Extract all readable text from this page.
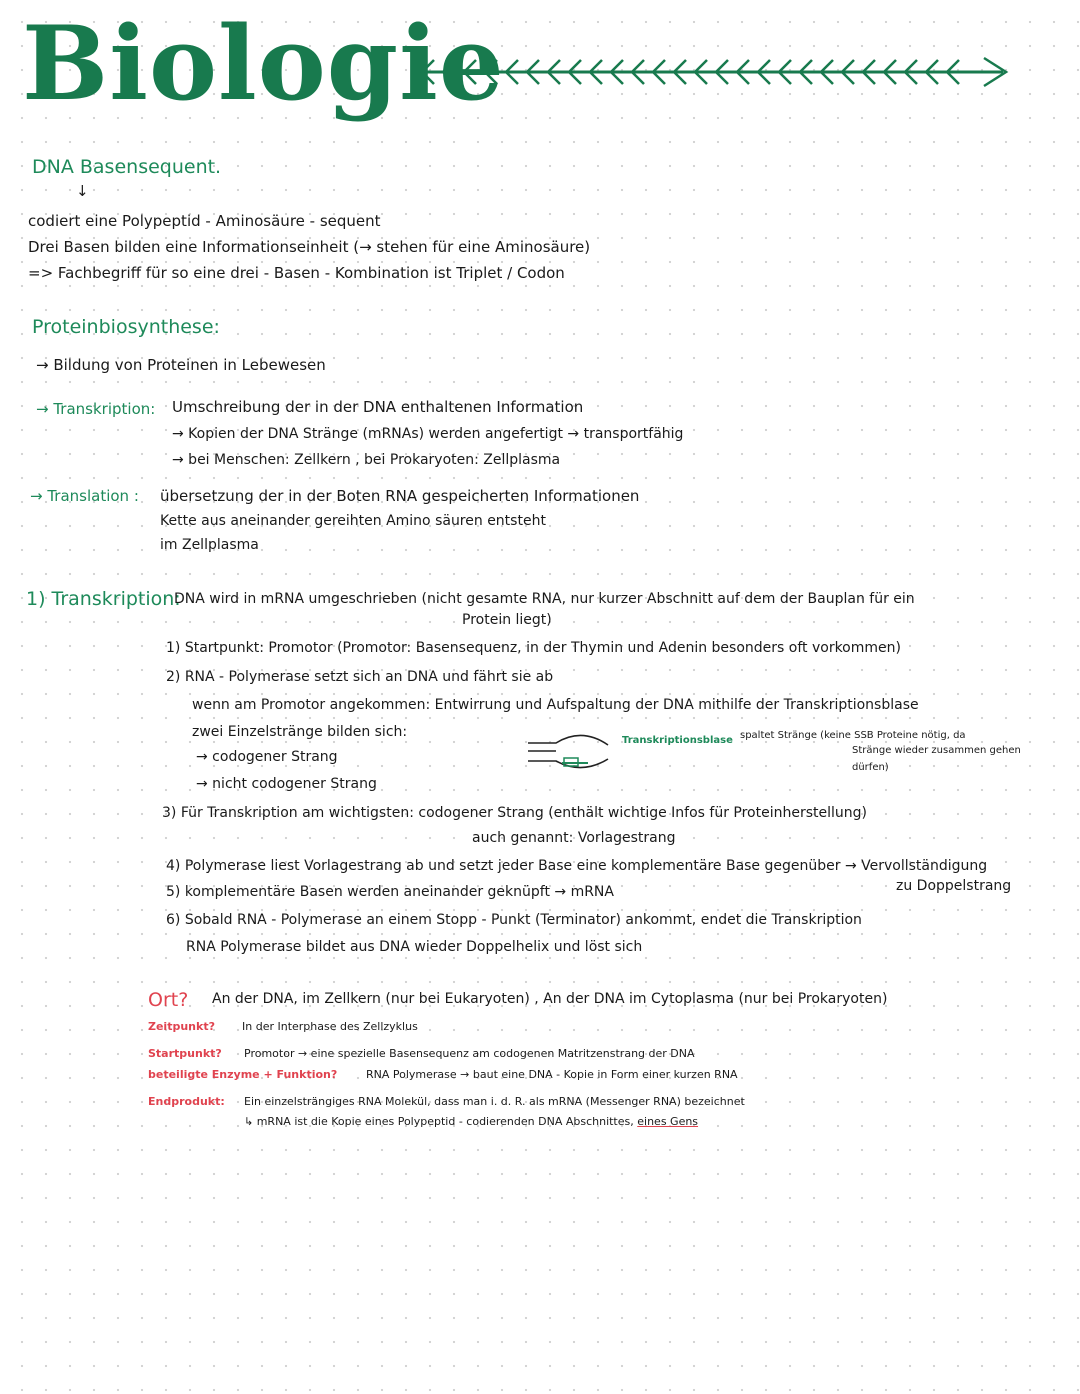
Biologie
DNA Basensequent.
↓
codiert eine Polypeptid - Aminosäure - sequent
Drei Basen bilden eine Informationseinheit (→ stehen für eine Aminosäure)
=> Fachbegriff für so eine drei - Basen - Kombination ist Triplet / Codon
Proteinbiosynthese:
→ Bildung von Proteinen in Lebewesen
→ Transkription: Umschreibung der in der DNA enthaltenen Information
→ Kopien der DNA Stränge (mRNAs) werden angefertigt → transportfähig
→ bei Menschen: Zellkern , bei Prokaryoten: Zellplasma
→ Translation : übersetzung der in der Boten RNA gespeicherten Informationen
Kette aus aneinander gereihten Amino säuren entsteht
im Zellplasma
1) Transkription:
DNA wird in mRNA umgeschrieben (nicht gesamte RNA, nur kurzer Abschnitt auf dem der Bauplan für ein
Protein liegt)
1) Startpunkt: Promotor (Promotor: Basensequenz, in der Thymin und Adenin besonders oft vorkommen)
2) RNA - Polymerase setzt sich an DNA und fährt sie ab
wenn am Promotor angekommen: Entwirrung und Aufspaltung der DNA mithilfe der Transkriptionsblase
zwei Einzelstränge bilden sich:
→ codogener Strang
→ nicht codogener Strang
Transkriptionsblase spaltet Stränge (keine SSB Proteine nötig, da
Stränge wieder zusammen gehen
dürfen)
3) Für Transkription am wichtigsten: codogener Strang (enthält wichtige Infos für Proteinherstellung)
auch genannt: Vorlagestrang
4) Polymerase liest Vorlagestrang ab und setzt jeder Base eine komplementäre Base gegenüber → Vervollständigung
zu Doppelstrang
5) komplementäre Basen werden aneinander geknüpft → mRNA
6) Sobald RNA - Polymerase an einem Stopp - Punkt (Terminator) ankommt, endet die Transkription
RNA Polymerase bildet aus DNA wieder Doppelhelix und löst sich
Ort? An der DNA, im Zellkern (nur bei Eukaryoten) , An der DNA im Cytoplasma (nur bei Prokaryoten)
Zeitpunkt? In der Interphase des Zellzyklus
Startpunkt? Promotor → eine spezielle Basensequenz am codogenen Matritzenstrang der DNA
beteiligte Enzyme + Funktion?	RNA Polymerase → baut eine DNA - Kopie in Form einer kurzen RNA
Endprodukt: Ein einzelsträngiges RNA Molekül, dass man i. d. R. als mRNA (Messenger RNA) bezeichnet
↳ mRNA ist die Kopie eines Polypeptid - codierenden DNA Abschnittes, eines Gens
